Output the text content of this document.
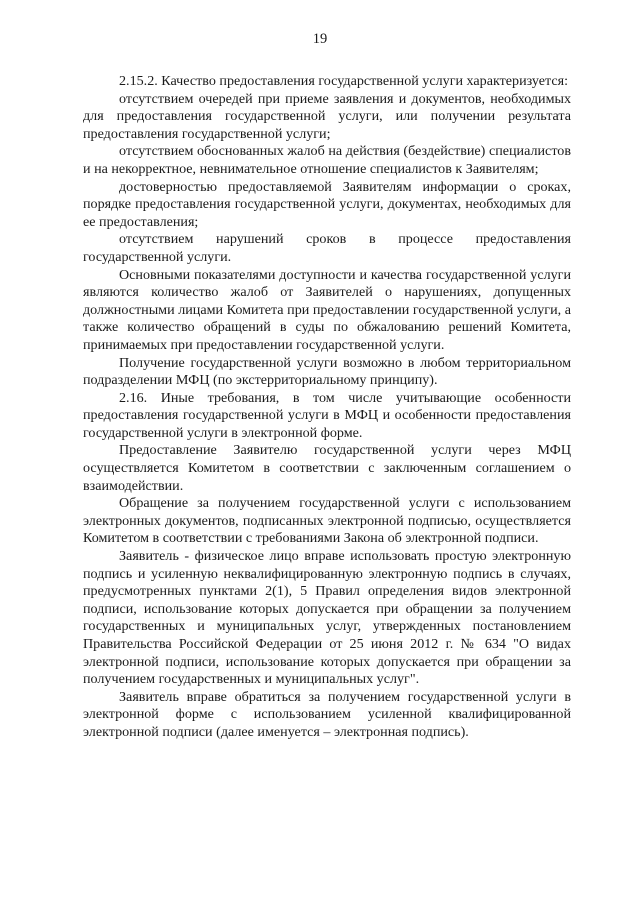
19

2.15.2. Качество предоставления государственной услуги характеризуется:

отсутствием очередей при приеме заявления и документов, необходимых для предоставления государственной услуги, или получении результата предоставления государственной услуги;

отсутствием обоснованных жалоб на действия (бездействие) специалистов и на некорректное, невнимательное отношение специалистов к Заявителям;

достоверностью предоставляемой Заявителям информации о сроках, порядке предоставления государственной услуги, документах, необходимых для ее предоставления;

отсутствием нарушений сроков в процессе предоставления государственной услуги.

Основными показателями доступности и качества государственной услуги являются количество жалоб от Заявителей о нарушениях, допущенных должностными лицами Комитета при предоставлении государственной услуги, а также количество обращений в суды по обжалованию решений Комитета, принимаемых при предоставлении государственной услуги.

Получение государственной услуги возможно в любом территориальном подразделении МФЦ (по экстерриториальному принципу).

2.16. Иные требования, в том числе учитывающие особенности предоставления государственной услуги в МФЦ и особенности предоставления государственной услуги в электронной форме.

Предоставление Заявителю государственной услуги через МФЦ осуществляется Комитетом в соответствии с заключенным соглашением о взаимодействии.

Обращение за получением государственной услуги с использованием электронных документов, подписанных электронной подписью, осуществляется Комитетом в соответствии с требованиями Закона об электронной подписи.

Заявитель - физическое лицо вправе использовать простую электронную подпись и усиленную неквалифицированную электронную подпись в случаях, предусмотренных пунктами 2(1), 5 Правил определения видов электронной подписи, использование которых допускается при обращении за получением государственных и муниципальных услуг, утвержденных постановлением Правительства Российской Федерации от 25 июня 2012 г. № 634 "О видах электронной подписи, использование которых допускается при обращении за получением государственных и муниципальных услуг".

Заявитель вправе обратиться за получением государственной услуги в электронной форме с использованием усиленной квалифицированной электронной подписи (далее именуется – электронная подпись).
